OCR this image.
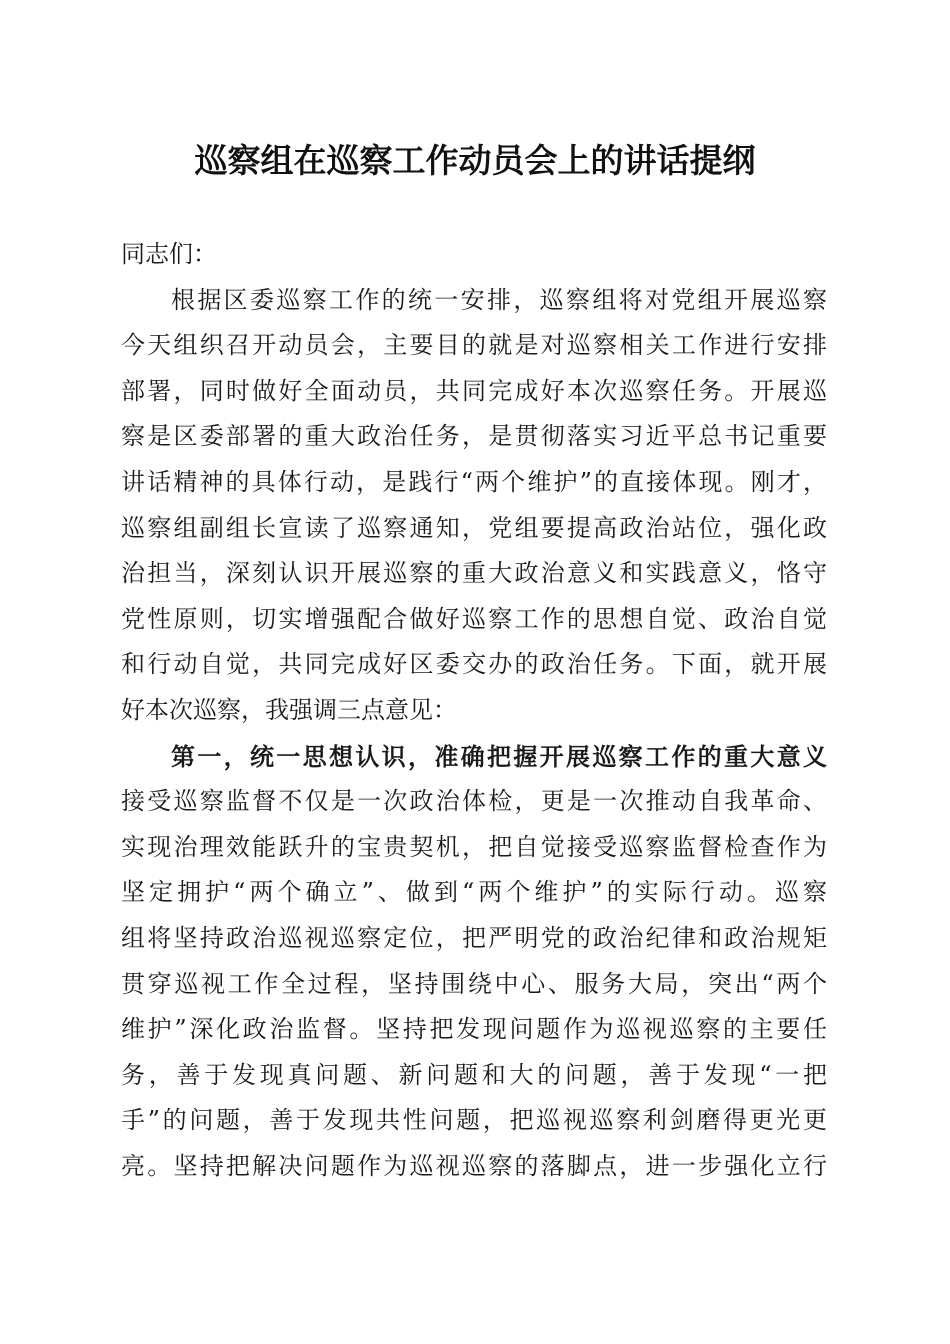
巡察组在巡察工作动员会上的讲话提纲
同志们：
根据区委巡察工作的统一安排，巡察组将对党组开展巡察
今天组织召开动员会，主要目的就是对巡察相关工作进行安排
部署，同时做好全面动员，共同完成好本次巡察任务。开展巡
察是区委部署的重大政治任务，是贯彻落实习近平总书记重要
讲话精神的具体行动，是践行“两个维护”的直接体现。刚才，
巡察组副组长宣读了巡察通知，党组要提高政治站位，强化政
治担当，深刻认识开展巡察的重大政治意义和实践意义，恪守
党性原则，切实增强配合做好巡察工作的思想自觉、政治自觉
和行动自觉，共同完成好区委交办的政治任务。下面，就开展
好本次巡察，我强调三点意见：
第一，统一思想认识，准确把握开展巡察工作的重大意义
接受巡察监督不仅是一次政治体检，更是一次推动自我革命、
实现治理效能跃升的宝贵契机，把自觉接受巡察监督检查作为
坚定拥护“两个确立”、做到“两个维护”的实际行动。巡察
组将坚持政治巡视巡察定位，把严明党的政治纪律和政治规矩
贯穿巡视工作全过程，坚持围绕中心、服务大局，突出“两个
维护”深化政治监督。坚持把发现问题作为巡视巡察的主要任
务，善于发现真问题、新问题和大的问题，善于发现“一把
手”的问题，善于发现共性问题，把巡视巡察利剑磨得更光更
亮。坚持把解决问题作为巡视巡察的落脚点，进一步强化立行
